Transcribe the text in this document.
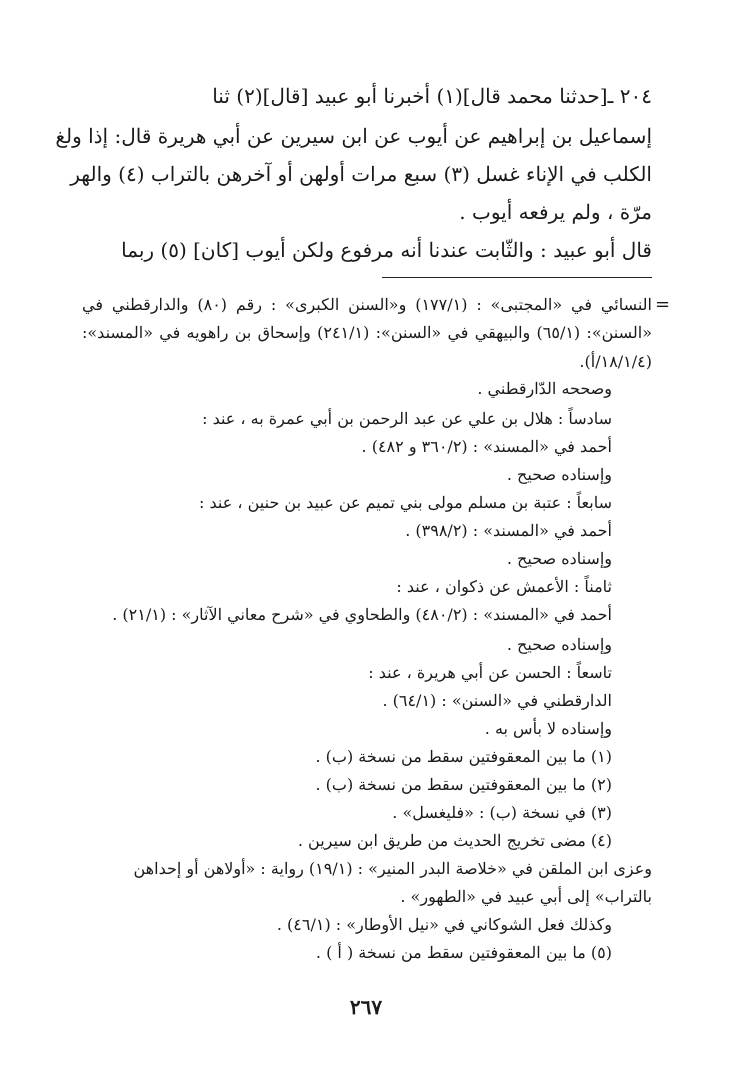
٢٠٤ ـ[حدثنا محمد قال](١) أخبرنا أبو عبيد [قال](٢) ثنا
إسماعيل بن إبراهيم عن أيوب عن ابن سيرين عن أبي هريرة قال: إذا ولغ
الكلب في الإناء غسل (٣) سبع مرات أولهن أو آخرهن بالتراب (٤) والهر
مرّة ، ولم يرفعه أيوب .
قال أبو عبيد : والثّابت عندنا أنه مرفوع ولكن أيوب [كان] (٥) ربما
=
النسائي في «المجتبى» : (١٧٧/١) و«السنن الكبرى» : رقم (٨٠) والدارقطني في
«السنن»: (٦٥/١) والبيهقي في «السنن»: (٢٤١/١) وإسحاق بن راهويه في «المسند»:
(١٨/١/٤/أ).
وصححه الدّارقطني .
سادساً : هلال بن علي عن عبد الرحمن بن أبي عمرة به ، عند :
أحمد في «المسند» : (٣٦٠/٢ و ٤٨٢) .
وإسناده صحيح .
سابعاً : عتبة بن مسلم مولى بني تميم عن عبيد بن حنين ، عند :
أحمد في «المسند» : (٣٩٨/٢) .
وإسناده صحيح .
ثامناً : الأعمش عن ذكوان ، عند :
أحمد في «المسند» : (٤٨٠/٢) والطحاوي في «شرح معاني الآثار» : (٢١/١) .
وإسناده صحيح .
تاسعاً : الحسن عن أبي هريرة ، عند :
الدارقطني في «السنن» : (٦٤/١) .
وإسناده لا بأس به .
(١) ما بين المعقوفتين سقط من نسخة (ب) .
(٢) ما بين المعقوفتين سقط من نسخة (ب) .
(٣) في نسخة (ب) : «فليغسل» .
(٤) مضى تخريج الحديث من طريق ابن سيرين .
وعزى ابن الملقن في «خلاصة البدر المنير» : (١٩/١) رواية : «أولاهن أو إحداهن
بالتراب» إلى أبي عبيد في «الطهور» .
وكذلك فعل الشوكاني في «نيل الأوطار» : (٤٦/١) .
(٥) ما بين المعقوفتين سقط من نسخة ( أ ) .
٢٦٧
